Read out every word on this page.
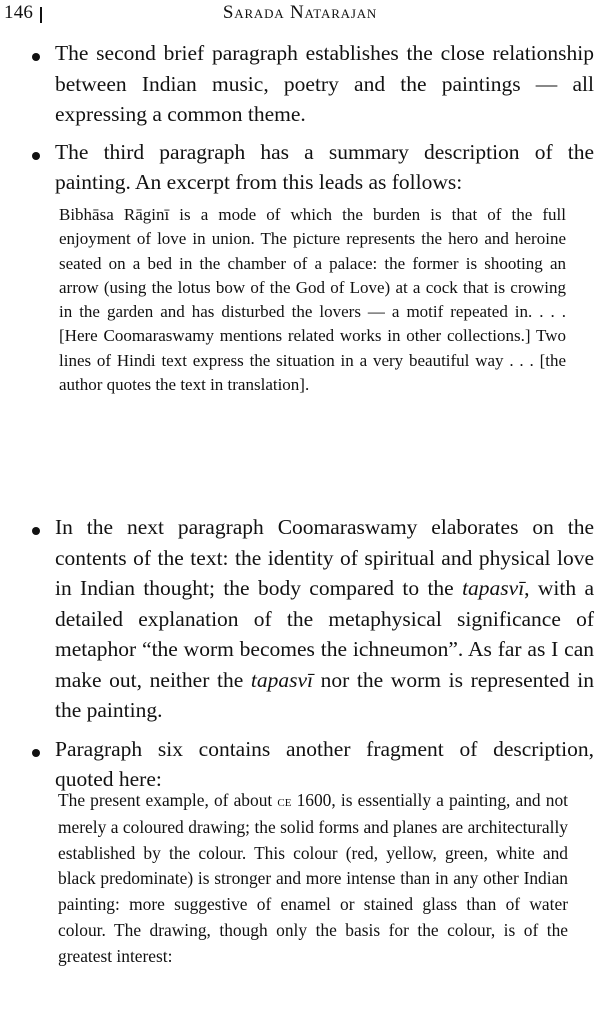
146	Sarada Natarajan

The second brief paragraph establishes the close relationship between Indian music, poetry and the paintings — all expressing a common theme.

The third paragraph has a summary description of the painting. An excerpt from this leads as follows:

Bibhāsa Rāginī is a mode of which the burden is that of the full enjoyment of love in union. The picture represents the hero and heroine seated on a bed in the chamber of a palace: the former is shooting an arrow (using the lotus bow of the God of Love) at a cock that is crowing in the garden and has disturbed the lovers — a motif repeated in. . . . [Here Coomaraswamy mentions related works in other collections.] Two lines of Hindi text express the situation in a very beautiful way . . . [the author quotes the text in translation].

In the next paragraph Coomaraswamy elaborates on the contents of the text: the identity of spiritual and physical love in Indian thought; the body compared to the tapasvī, with a detailed explanation of the metaphysical significance of metaphor “the worm becomes the ichneumon”. As far as I can make out, neither the tapasvī nor the worm is represented in the painting.

Paragraph six contains another fragment of description, quoted here:

The present example, of about ce 1600, is essentially a painting, and not merely a coloured drawing; the solid forms and planes are architecturally established by the colour. This colour (red, yellow, green, white and black predominate) is stronger and more intense than in any other Indian painting: more suggestive of enamel or stained glass than of water colour. The drawing, though only the basis for the colour, is of the greatest interest:
